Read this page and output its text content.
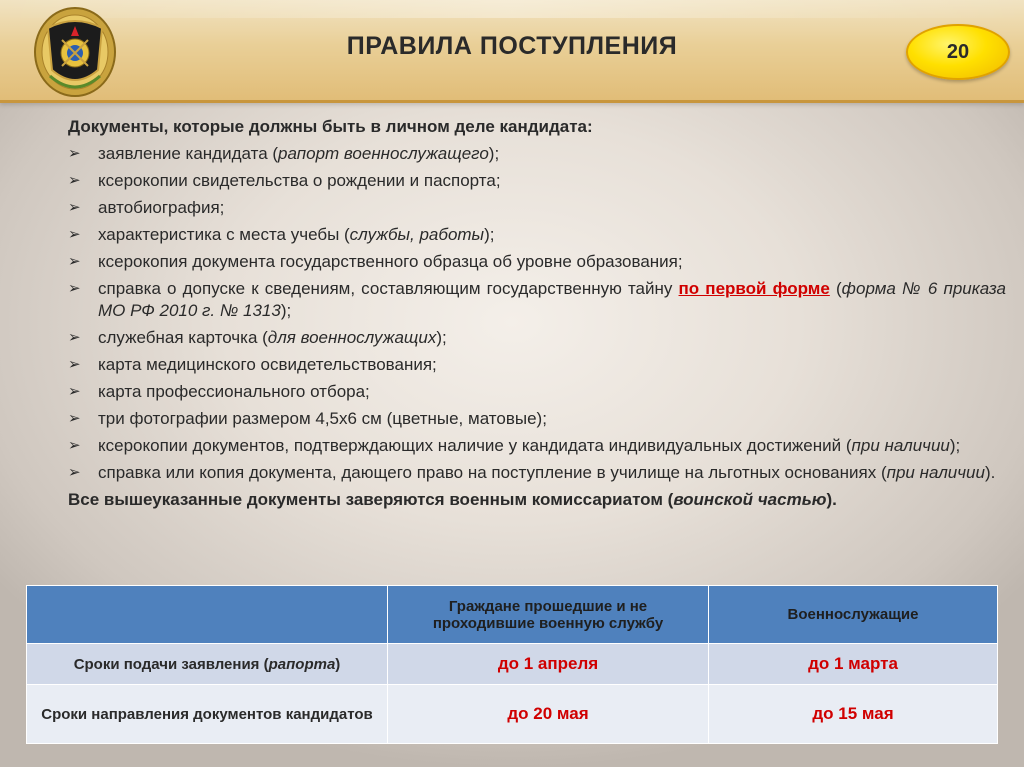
ПРАВИЛА ПОСТУПЛЕНИЯ	20
Документы, которые должны быть в личном деле кандидата:
➢ заявление кандидата (рапорт военнослужащего);
➢ ксерокопии свидетельства о рождении и паспорта;
➢ автобиография;
➢ характеристика с места учебы (службы, работы);
➢ ксерокопия документа государственного образца об уровне образования;
➢ справка о допуске к сведениям, составляющим государственную тайну по первой форме (форма № 6 приказа МО РФ 2010 г. № 1313);
➢ служебная карточка (для военнослужащих);
➢ карта медицинского освидетельствования;
➢ карта профессионального отбора;
➢ три фотографии размером 4,5х6 см (цветные, матовые);
➢ ксерокопии документов, подтверждающих наличие у кандидата индивидуальных достижений (при наличии);
➢ справка или копия документа, дающего право на поступление в училище на льготных основаниях (при наличии).
Все вышеуказанные документы заверяются военным комиссариатом (воинской частью).
	Граждане прошедшие и не проходившие военную службу	Военнослужащие
Сроки подачи заявления (рапорта)	до 1 апреля	до 1 марта
Сроки направления документов кандидатов	до 20 мая	до 15 мая
